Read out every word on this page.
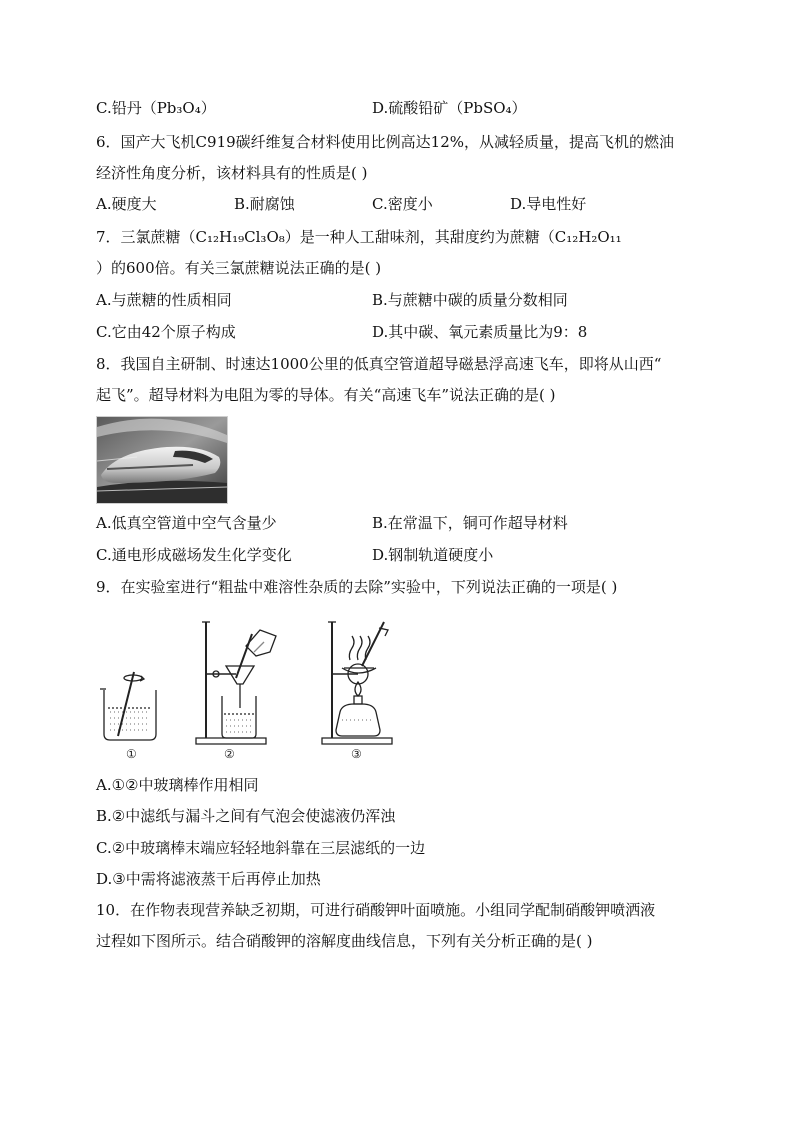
C.铅丹（Pb₃O₄）	D.硫酸铅矿（PbSO₄）
6．国产大飞机C919碳纤维复合材料使用比例高达12%，从减轻质量，提高飞机的燃油
经济性角度分析，该材料具有的性质是( )
A.硬度大	B.耐腐蚀	C.密度小	D.导电性好
7．三氯蔗糖（C₁₂H₁₉Cl₃O₈）是一种人工甜味剂，其甜度约为蔗糖（C₁₂H₂O₁₁
）的600倍。有关三氯蔗糖说法正确的是( )
A.与蔗糖的性质相同	B.与蔗糖中碳的质量分数相同
C.它由42个原子构成	D.其中碳、氧元素质量比为9：8
8．我国自主研制、时速达1000公里的低真空管道超导磁悬浮高速飞车，即将从山西“
起飞”。超导材料为电阻为零的导体。有关“高速飞车”说法正确的是( )
A.低真空管道中空气含量少	B.在常温下，铜可作超导材料
C.通电形成磁场发生化学变化	D.钢制轨道硬度小
9．在实验室进行“粗盐中难溶性杂质的去除”实验中，下列说法正确的一项是( )
①	②	③
A.①②中玻璃棒作用相同
B.②中滤纸与漏斗之间有气泡会使滤液仍浑浊
C.②中玻璃棒末端应轻轻地斜靠在三层滤纸的一边
D.③中需将滤液蒸干后再停止加热
10．在作物表现营养缺乏初期，可进行硝酸钾叶面喷施。小组同学配制硝酸钾喷洒液
过程如下图所示。结合硝酸钾的溶解度曲线信息，下列有关分析正确的是( )
